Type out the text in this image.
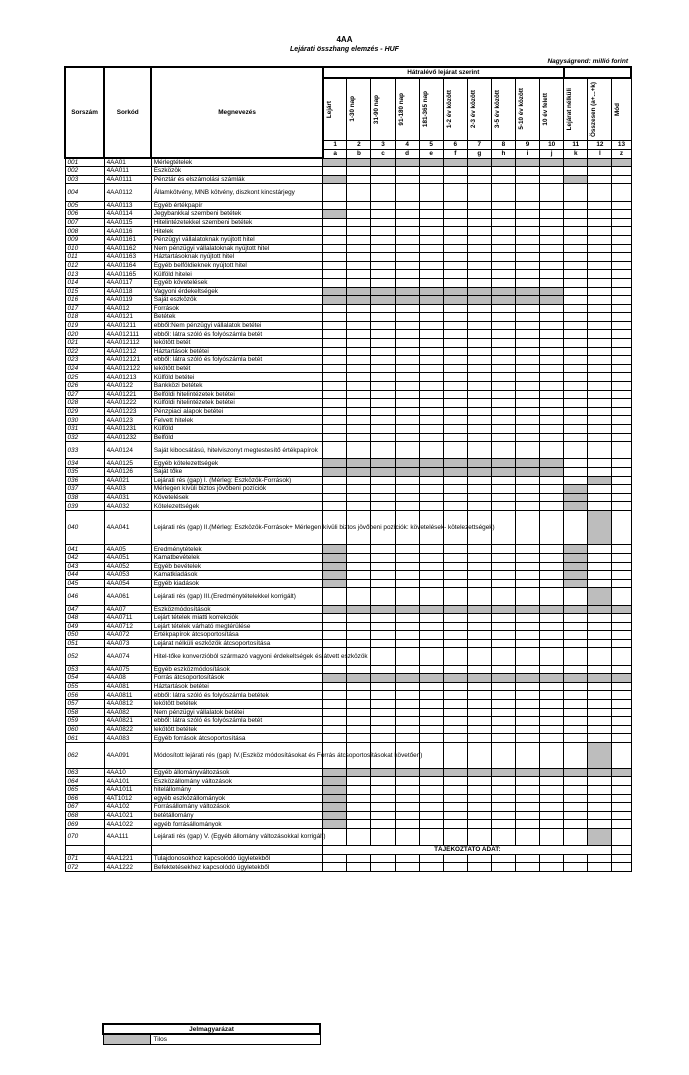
4AA
Lejárati összhang elemzés - HUF
Nagyságrend: millió forint
Sorszám	Sorkód	Megnevezés	Hátralévő lejárat szerint												

			Lejárt	1-30 nap	31-90 nap	91-180 nap	181-365 nap	1-2 év között	2-3 év között	3-5 év között	5-10 év között	10 év felett	Lejárat nélküli	Összesen (a+...+k)	Mód

			1	2	3	4	5	6	7	8	9	10	11	12	13
			a	b	c	d	e	f	g	h	i	j	k	l	z
001	4AA01	Mérlegtételek													
002	4AA011	Eszközök													
003	4AA0111	Pénztár és elszámolási számlák													
004	4AA0112	Államkötvény, MNB kötvény, diszkont kincstárjegy													
005	4AA0113	Egyéb értékpapír													
006	4AA0114	Jegybankkal szembeni betétek													
007	4AA0115	Hitelintézetekkel szembeni betétek													
008	4AA0116	Hitelek													
009	4AA01161	Pénzügyi vállalatoknak nyújtott hitel													
010	4AA01162	Nem pénzügyi vállalatoknak nyújtott hitel													
011	4AA01163	Háztartásoknak nyújtott hitel													
012	4AA01164	Egyéb belföldieknek nyújtott hitel													
013	4AA01165	Külföld hitelei													
014	4AA0117	Egyéb követelések													
015	4AA0118	Vagyoni érdekeltségek													
016	4AA0119	Saját eszközök													
017	4AA012	Források													
018	4AA0121	Betétek													
019	4AA01211	ebből:Nem pénzügyi vállalatok betétei													
020	4AA012111	ebből: látra szóló és folyószámla betét													
021	4AA012112	lekötött betét													
022	4AA01212	Háztartások betétei													
023	4AA012121	ebből: látra szóló és folyószámla betét													
024	4AA012122	lekötött betét													
025	4AA01213	Külföld betétei													
026	4AA0122	Bankközi betétek													
027	4AA01221	Belföldi hitelintézetek betétei													
028	4AA01222	Külföldi hitelintézetek betétei													
029	4AA01223	Pénzpiaci alapok betétei													
030	4AA0123	Felvett hitelek													
031	4AA01231	Külföld													
032	4AA01232	Belföld													
033	4AA0124	Saját kibocsátású, hitelviszonyt megtestesítő értékpapírok													
034	4AA0125	Egyéb kötelezettségek													
035	4AA0126	Saját tőke													
036	4AA021	Lejárati rés (gap) I. (Mérleg: Eszközök-Források)													
037	4AA03	Mérlegen kívüli biztos jövőbeni pozíciók													
038	4AA031	Követelések													
039	4AA032	Kötelezettségek													
040	4AA041	Lejárati rés (gap) II.(Mérleg: Eszközök-Források+ Mérlegen kívüli biztos jövőbeni pozíciók: követelések- kötelezettségek)													
041	4AA05	Eredménytételek													
042	4AA051	Kamatbevételek													
043	4AA052	Egyéb bevételek													
044	4AA053	Kamatkiadások													
045	4AA054	Egyéb kiadások													
046	4AA061	Lejárati rés (gap) III.(Eredménytételekkel korrigált)													
047	4AA07	Eszközmódosítások													
048	4AA0711	Lejárt tételek miatti korrekciók													
049	4AA0712	Lejárt tételek várható megtérülése													
050	4AA072	Értékpapírok átcsoportosítása													
051	4AA073	Lejárat nélküli eszközök átcsoportosítása													
052	4AA074	Hitel-tőke konverzióból származó vagyoni érdekeltségek és átvett eszközök													
053	4AA075	Egyéb eszközmódosítások													
054	4AA08	Forrás átcsoportosítások													
055	4AA081	Háztartások betétei													
056	4AA0811	ebből: látra szóló és folyószámla betétek													
057	4AA0812	lekötött betétek													
058	4AA082	Nem pénzügyi vállalatok betétei													
059	4AA0821	ebből: látra szóló és folyószámla betét													
060	4AA0822	lekötött betétek													
061	4AA083	Egyéb források átcsoportosítása													
062	4AA091	Módosított lejárati rés (gap) IV.(Eszköz módosításokat és Forrás átcsoportosításokat követően)													
063	4AA10	Egyéb állományváltozások													
064	4AA101	Eszközállomány változások													
065	4AA1011	hitelállomány													
066	4AT1012	egyéb eszközállományok													
067	4AA102	Forrásállomány változások													
068	4AA1021	betétállomány													
069	4AA1022	egyéb forrásállományok													
070	4AA111	Lejárati rés (gap) V. (Egyéb állomány változásokkal korrigált)													
			TÁJÉKOZTATÓ ADAT:												
071	4AA1221	Tulajdonosokhoz kapcsolódó ügyletekből													
072	4AA1222	Befektetésekhez kapcsolódó ügyletekből													
Jelmagyarázat
	Tilos
